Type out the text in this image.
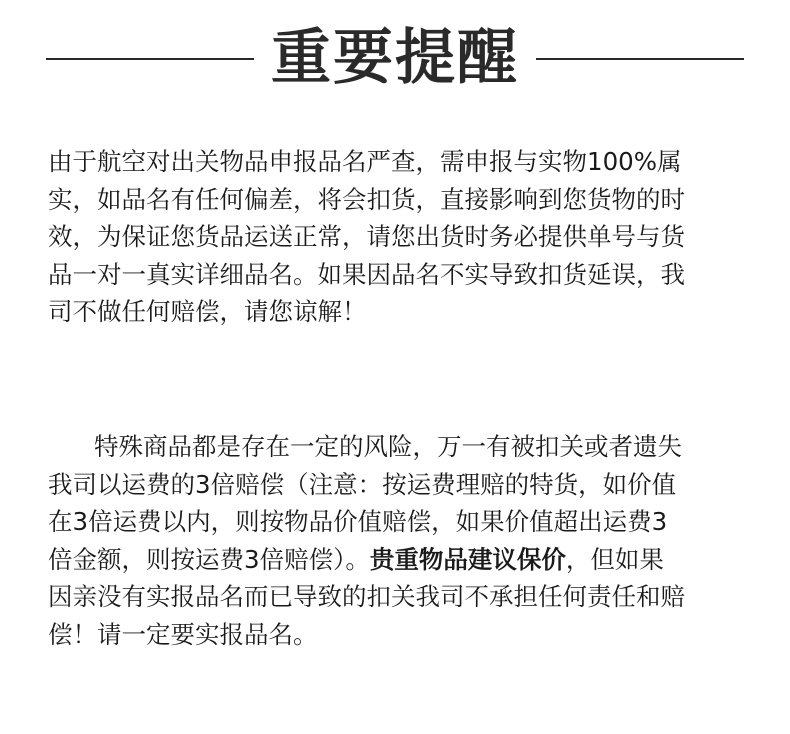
重要提醒
由于航空对出关物品申报品名严查，需申报与实物100%属
实，如品名有任何偏差，将会扣货，直接影响到您货物的时
效，为保证您货品运送正常，请您出货时务必提供单号与货
品一对一真实详细品名。如果因品名不实导致扣货延误，我
司不做任何赔偿，请您谅解！
特殊商品都是存在一定的风险，万一有被扣关或者遗失
我司以运费的3倍赔偿（注意：按运费理赔的特货，如价值
在3倍运费以内，则按物品价值赔偿，如果价值超出运费3
倍金额，则按运费3倍赔偿）。贵重物品建议保价，但如果
因亲没有实报品名而已导致的扣关我司不承担任何责任和赔
偿！请一定要实报品名。
